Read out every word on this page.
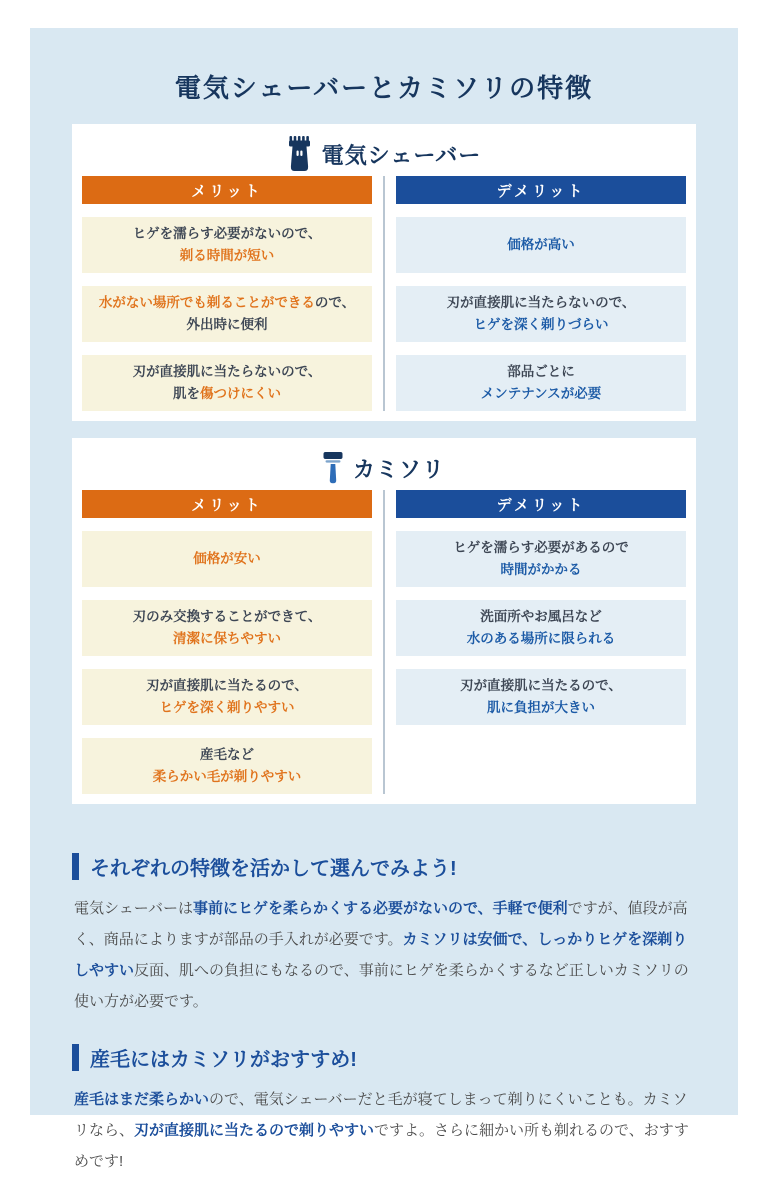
電気シェーバーとカミソリの特徴
電気シェーバー
メリット
ヒゲを濡らす必要がないので、
剃る時間が短い
水がない場所でも剃ることができるので、
外出時に便利
刃が直接肌に当たらないので、
肌を傷つけにくい
デメリット
価格が高い
刃が直接肌に当たらないので、
ヒゲを深く剃りづらい
部品ごとに
メンテナンスが必要
カミソリ
メリット
価格が安い
刃のみ交換することができて、
清潔に保ちやすい
刃が直接肌に当たるので、
ヒゲを深く剃りやすい
産毛など
柔らかい毛が剃りやすい
デメリット
ヒゲを濡らす必要があるので
時間がかかる
洗面所やお風呂など
水のある場所に限られる
刃が直接肌に当たるので、
肌に負担が大きい
それぞれの特徴を活かして選んでみよう!

電気シェーバーは事前にヒゲを柔らかくする必要がないので、手軽で便利ですが、値段が高く、商品によりますが部品の手入れが必要です。カミソリは安価で、しっかりヒゲを深剃りしやすい反面、肌への負担にもなるので、事前にヒゲを柔らかくするなど正しいカミソリの使い方が必要です。

産毛にはカミソリがおすすめ!

産毛はまだ柔らかいので、電気シェーバーだと毛が寝てしまって剃りにくいことも。カミソリなら、刃が直接肌に当たるので剃りやすいですよ。さらに細かい所も剃れるので、おすすめです!
